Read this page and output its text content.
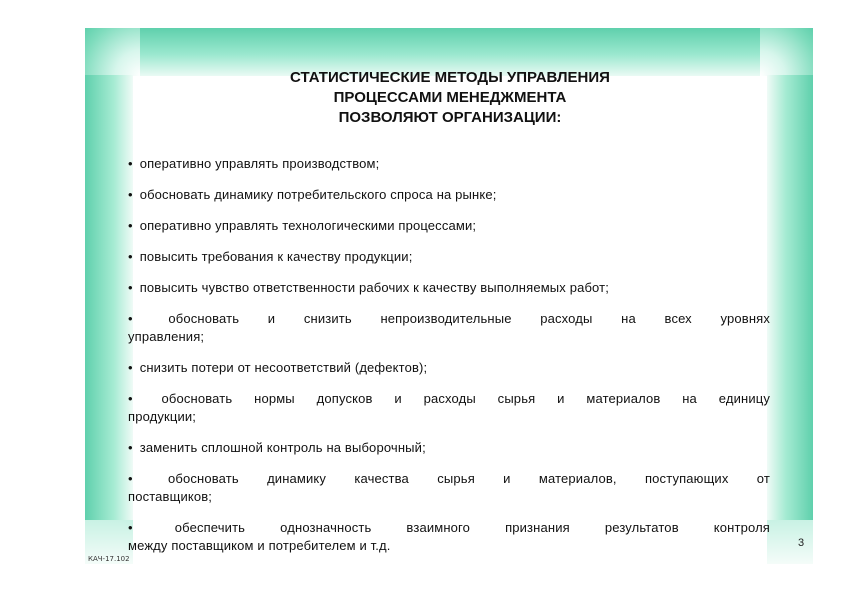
СТАТИСТИЧЕСКИЕ МЕТОДЫ УПРАВЛЕНИЯ
ПРОЦЕССАМИ МЕНЕДЖМЕНТА
ПОЗВОЛЯЮТ ОРГАНИЗАЦИИ:
• оперативно управлять производством;
• обосновать динамику потребительского спроса на рынке;
• оперативно управлять технологическими процессами;
• повысить требования к качеству продукции;
• повысить чувство ответственности рабочих к качеству выполняемых работ;
•	обосновать и снизить непроизводительные расходы на всех уровнях
управления;
• снизить потери от несоответствий (дефектов);
• обосновать нормы допусков и расходы сырья и материалов на единицу
продукции;
• заменить сплошной контроль на выборочный;
•	обосновать динамику качества сырья и материалов, поступающих от
поставщиков;
•	обеспечить однозначность взаимного признания результатов контроля
между поставщиком и потребителем и т.д.
КАЧ-17.102
3
